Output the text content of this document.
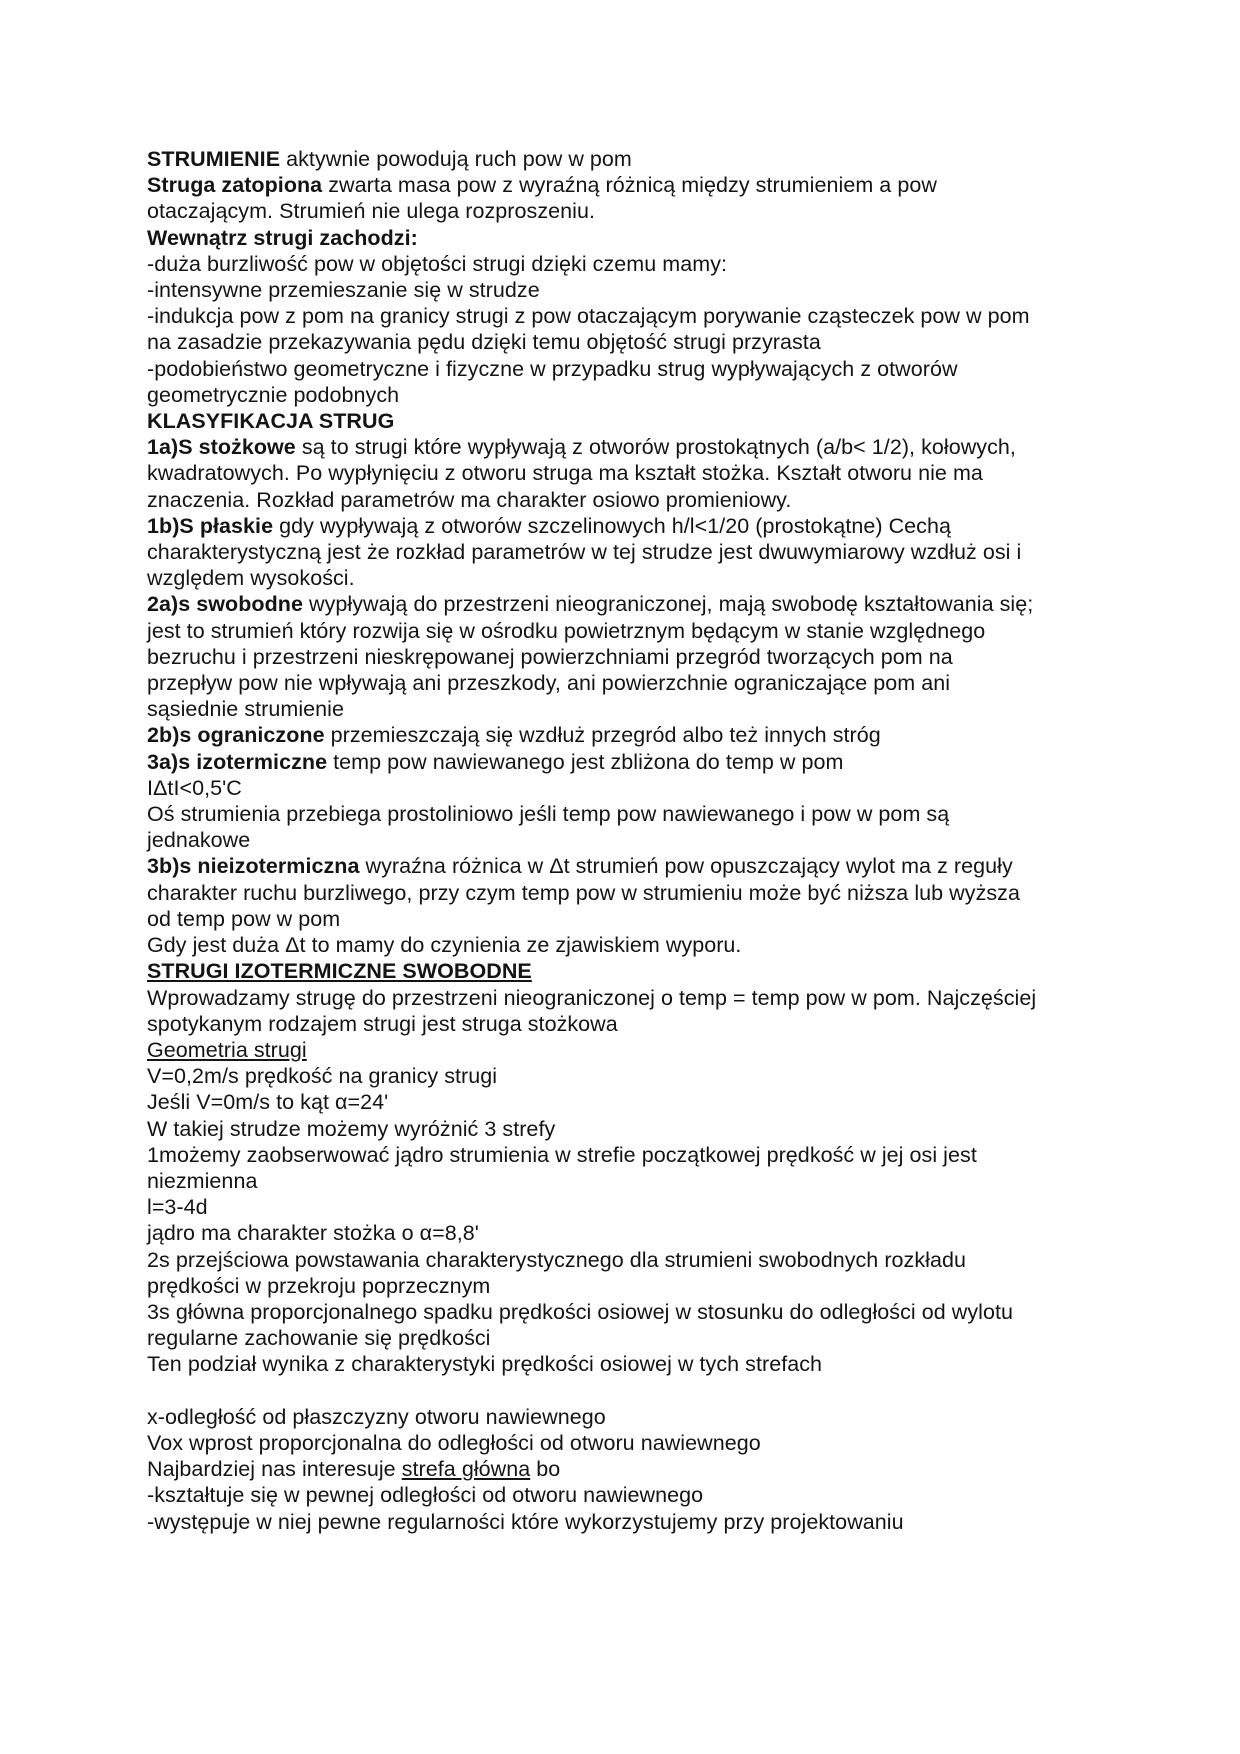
STRUMIENIE aktywnie powodują ruch pow w pom
Struga zatopiona zwarta masa pow z wyraźną różnicą między strumieniem a pow
otaczającym. Strumień nie ulega rozproszeniu.
Wewnątrz strugi zachodzi:
-duża burzliwość pow w objętości strugi dzięki czemu mamy:
-intensywne przemieszanie się w strudze
-indukcja pow z pom na granicy strugi z pow otaczającym porywanie cząsteczek pow w pom
na zasadzie przekazywania pędu dzięki temu objętość strugi przyrasta
-podobieństwo geometryczne i fizyczne w przypadku strug wypływających z otworów
geometrycznie podobnych
KLASYFIKACJA STRUG
1a)S stożkowe są to strugi które wypływają z otworów prostokątnych (a/b< 1/2), kołowych,
kwadratowych. Po wypłynięciu z otworu struga ma kształt stożka. Kształt otworu nie ma
znaczenia. Rozkład parametrów ma charakter osiowo promieniowy.
1b)S płaskie gdy wypływają z otworów szczelinowych h/l<1/20 (prostokątne) Cechą
charakterystyczną jest że rozkład parametrów w tej strudze jest dwuwymiarowy wzdłuż osi i
względem wysokości.
2a)s swobodne wypływają do przestrzeni nieograniczonej, mają swobodę kształtowania się;
jest to strumień który rozwija się w ośrodku powietrznym będącym w stanie względnego
bezruchu i przestrzeni nieskrępowanej powierzchniami przegród tworzących pom na
przepływ pow nie wpływają ani przeszkody, ani powierzchnie ograniczające pom ani
sąsiednie strumienie
2b)s ograniczone przemieszczają się wzdłuż przegród albo też innych stróg
3a)s izotermiczne temp pow nawiewanego jest zbliżona do temp w pom
IΔtI<0,5'C
Oś strumienia przebiega prostoliniowo jeśli temp pow nawiewanego i pow w pom są
jednakowe
3b)s nieizotermiczna wyraźna różnica w Δt strumień pow opuszczający wylot ma z reguły
charakter ruchu burzliwego, przy czym temp pow w strumieniu może być niższa lub wyższa
od temp pow w pom
Gdy jest duża Δt to mamy do czynienia ze zjawiskiem wyporu.
STRUGI IZOTERMICZNE SWOBODNE
Wprowadzamy strugę do przestrzeni nieograniczonej o temp = temp pow w pom. Najczęściej
spotykanym rodzajem strugi jest struga stożkowa
Geometria strugi
V=0,2m/s prędkość na granicy strugi
Jeśli V=0m/s to kąt α=24'
W takiej strudze możemy wyróżnić 3 strefy
1możemy zaobserwować jądro strumienia w strefie początkowej prędkość w jej osi jest
niezmienna
l=3-4d
jądro ma charakter stożka o α=8,8'
2s przejściowa powstawania charakterystycznego dla strumieni swobodnych rozkładu
prędkości w przekroju poprzecznym
3s główna proporcjonalnego spadku prędkości osiowej w stosunku do odległości od wylotu
regularne zachowanie się prędkości
Ten podział wynika z charakterystyki prędkości osiowej w tych strefach
x-odległość od płaszczyzny otworu nawiewnego
Vox wprost proporcjonalna do odległości od otworu nawiewnego
Najbardziej nas interesuje strefa główna bo
-kształtuje się w pewnej odległości od otworu nawiewnego
-występuje w niej pewne regularności które wykorzystujemy przy projektowaniu
